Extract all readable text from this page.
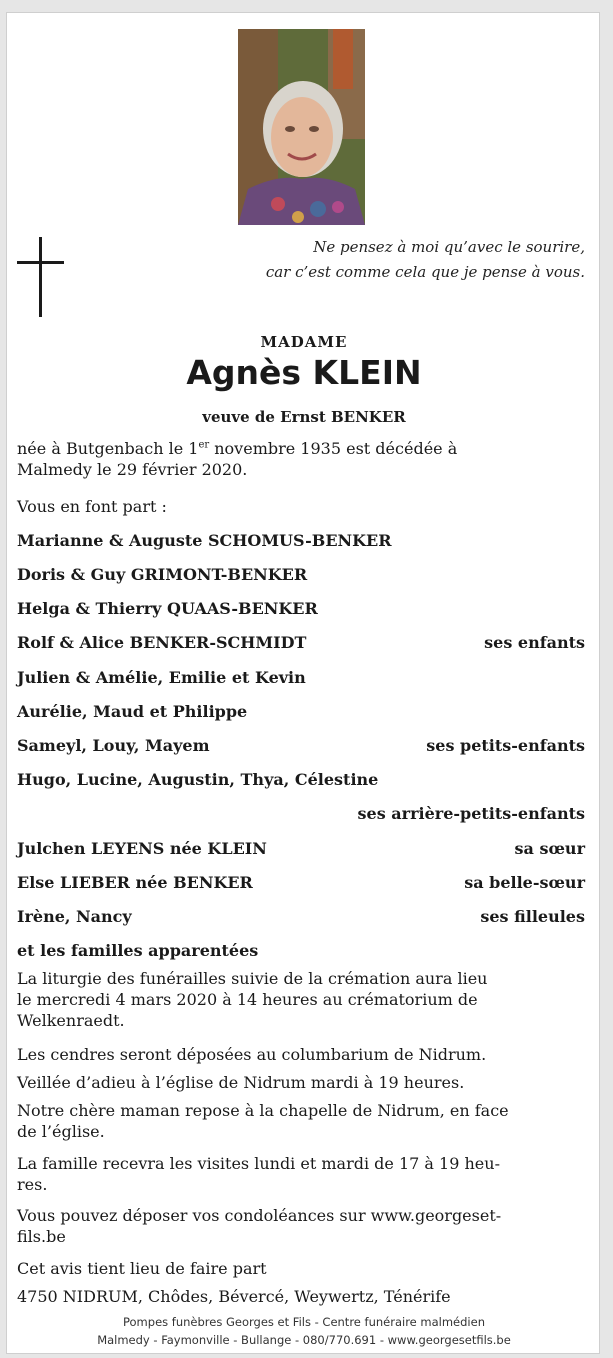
Ne pensez à moi qu’avec le sourire,
car c’est comme cela que je pense à vous.
MADAME
Agnès KLEIN
veuve de Ernst BENKER
née à Butgenbach le 1er novembre 1935 est décédée à
Malmedy le 29 février 2020.
Vous en font part :
Marianne & Auguste SCHOMUS-BENKER
Doris & Guy GRIMONT-BENKER
Helga & Thierry QUAAS-BENKER
Rolf & Alice BENKER-SCHMIDT	ses enfants
Julien & Amélie, Emilie et Kevin
Aurélie, Maud et Philippe
Sameyl, Louy, Mayem	ses petits-enfants
Hugo, Lucine, Augustin, Thya, Célestine
ses arrière-petits-enfants
Julchen LEYENS née KLEIN	sa sœur
Else LIEBER née BENKER	sa belle-sœur
Irène, Nancy	ses filleules
et les familles apparentées
La liturgie des funérailles suivie de la crémation aura lieu
le mercredi 4 mars 2020 à 14 heures au crématorium de
Welkenraedt.
Les cendres seront déposées au columbarium de Nidrum.
Veillée d’adieu à l’église de Nidrum mardi à 19 heures.
Notre chère maman repose à la chapelle de Nidrum, en face
de l’église.
La famille recevra les visites lundi et mardi de 17 à 19 heu-
res.
Vous pouvez déposer vos condoléances sur www.georgeset-
fils.be
Cet avis tient lieu de faire part
4750 NIDRUM, Chôdes, Bévercé, Weywertz, Ténérife
Pompes funèbres Georges et Fils - Centre funéraire malmédien
Malmedy - Faymonville - Bullange - 080/770.691 - www.georgesetfils.be
